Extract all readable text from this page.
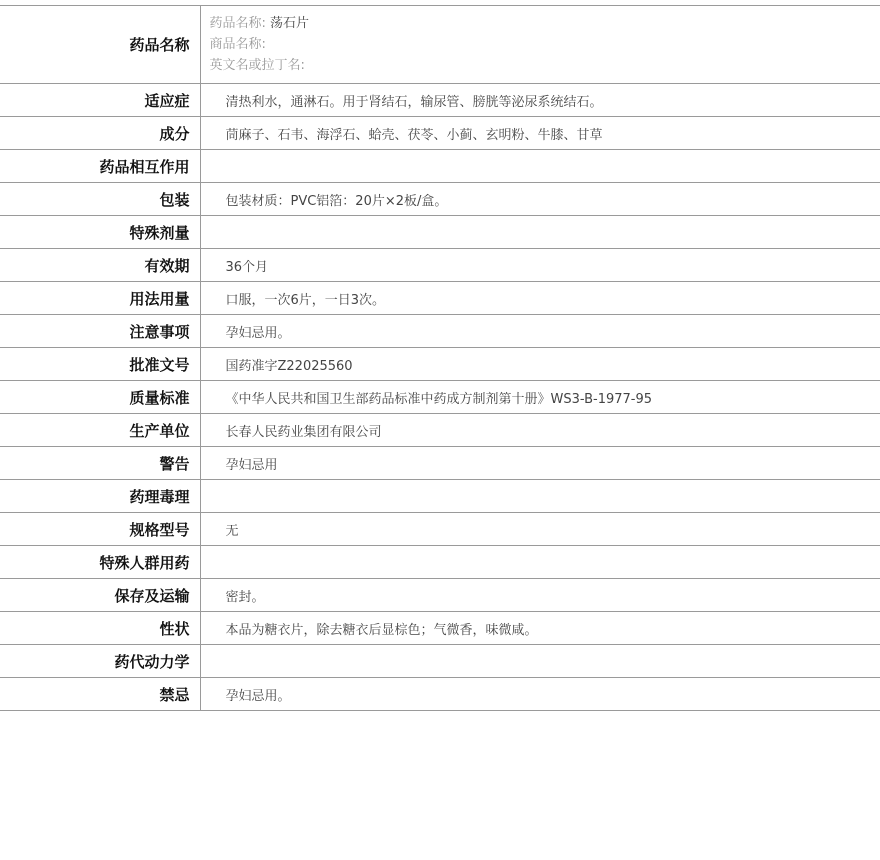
药品名称	药品名称: 荡石片
商品名称:
英文名或拉丁名:

适应症	清热利水，通淋石。用于肾结石，输尿管、膀胱等泌尿系统结石。
成分	茼麻子、石韦、海浮石、蛤壳、茯苓、小蓟、玄明粉、牛膝、甘草
药品相互作用	
包装	包装材质：PVC铝箔：20片×2板/盒。
特殊剂量	
有效期	36个月
用法用量	口服，一次6片，一日3次。
注意事项	孕妇忌用。
批准文号	国药准字Z22025560
质量标准	《中华人民共和国卫生部药品标准中药成方制剂第十册》WS3-B-1977-95
生产单位	长春人民药业集团有限公司
警告	孕妇忌用
药理毒理	
规格型号	无
特殊人群用药	
保存及运输	密封。
性状	本品为糖衣片，除去糖衣后显棕色；气微香，味微咸。
药代动力学	
禁忌	孕妇忌用。
